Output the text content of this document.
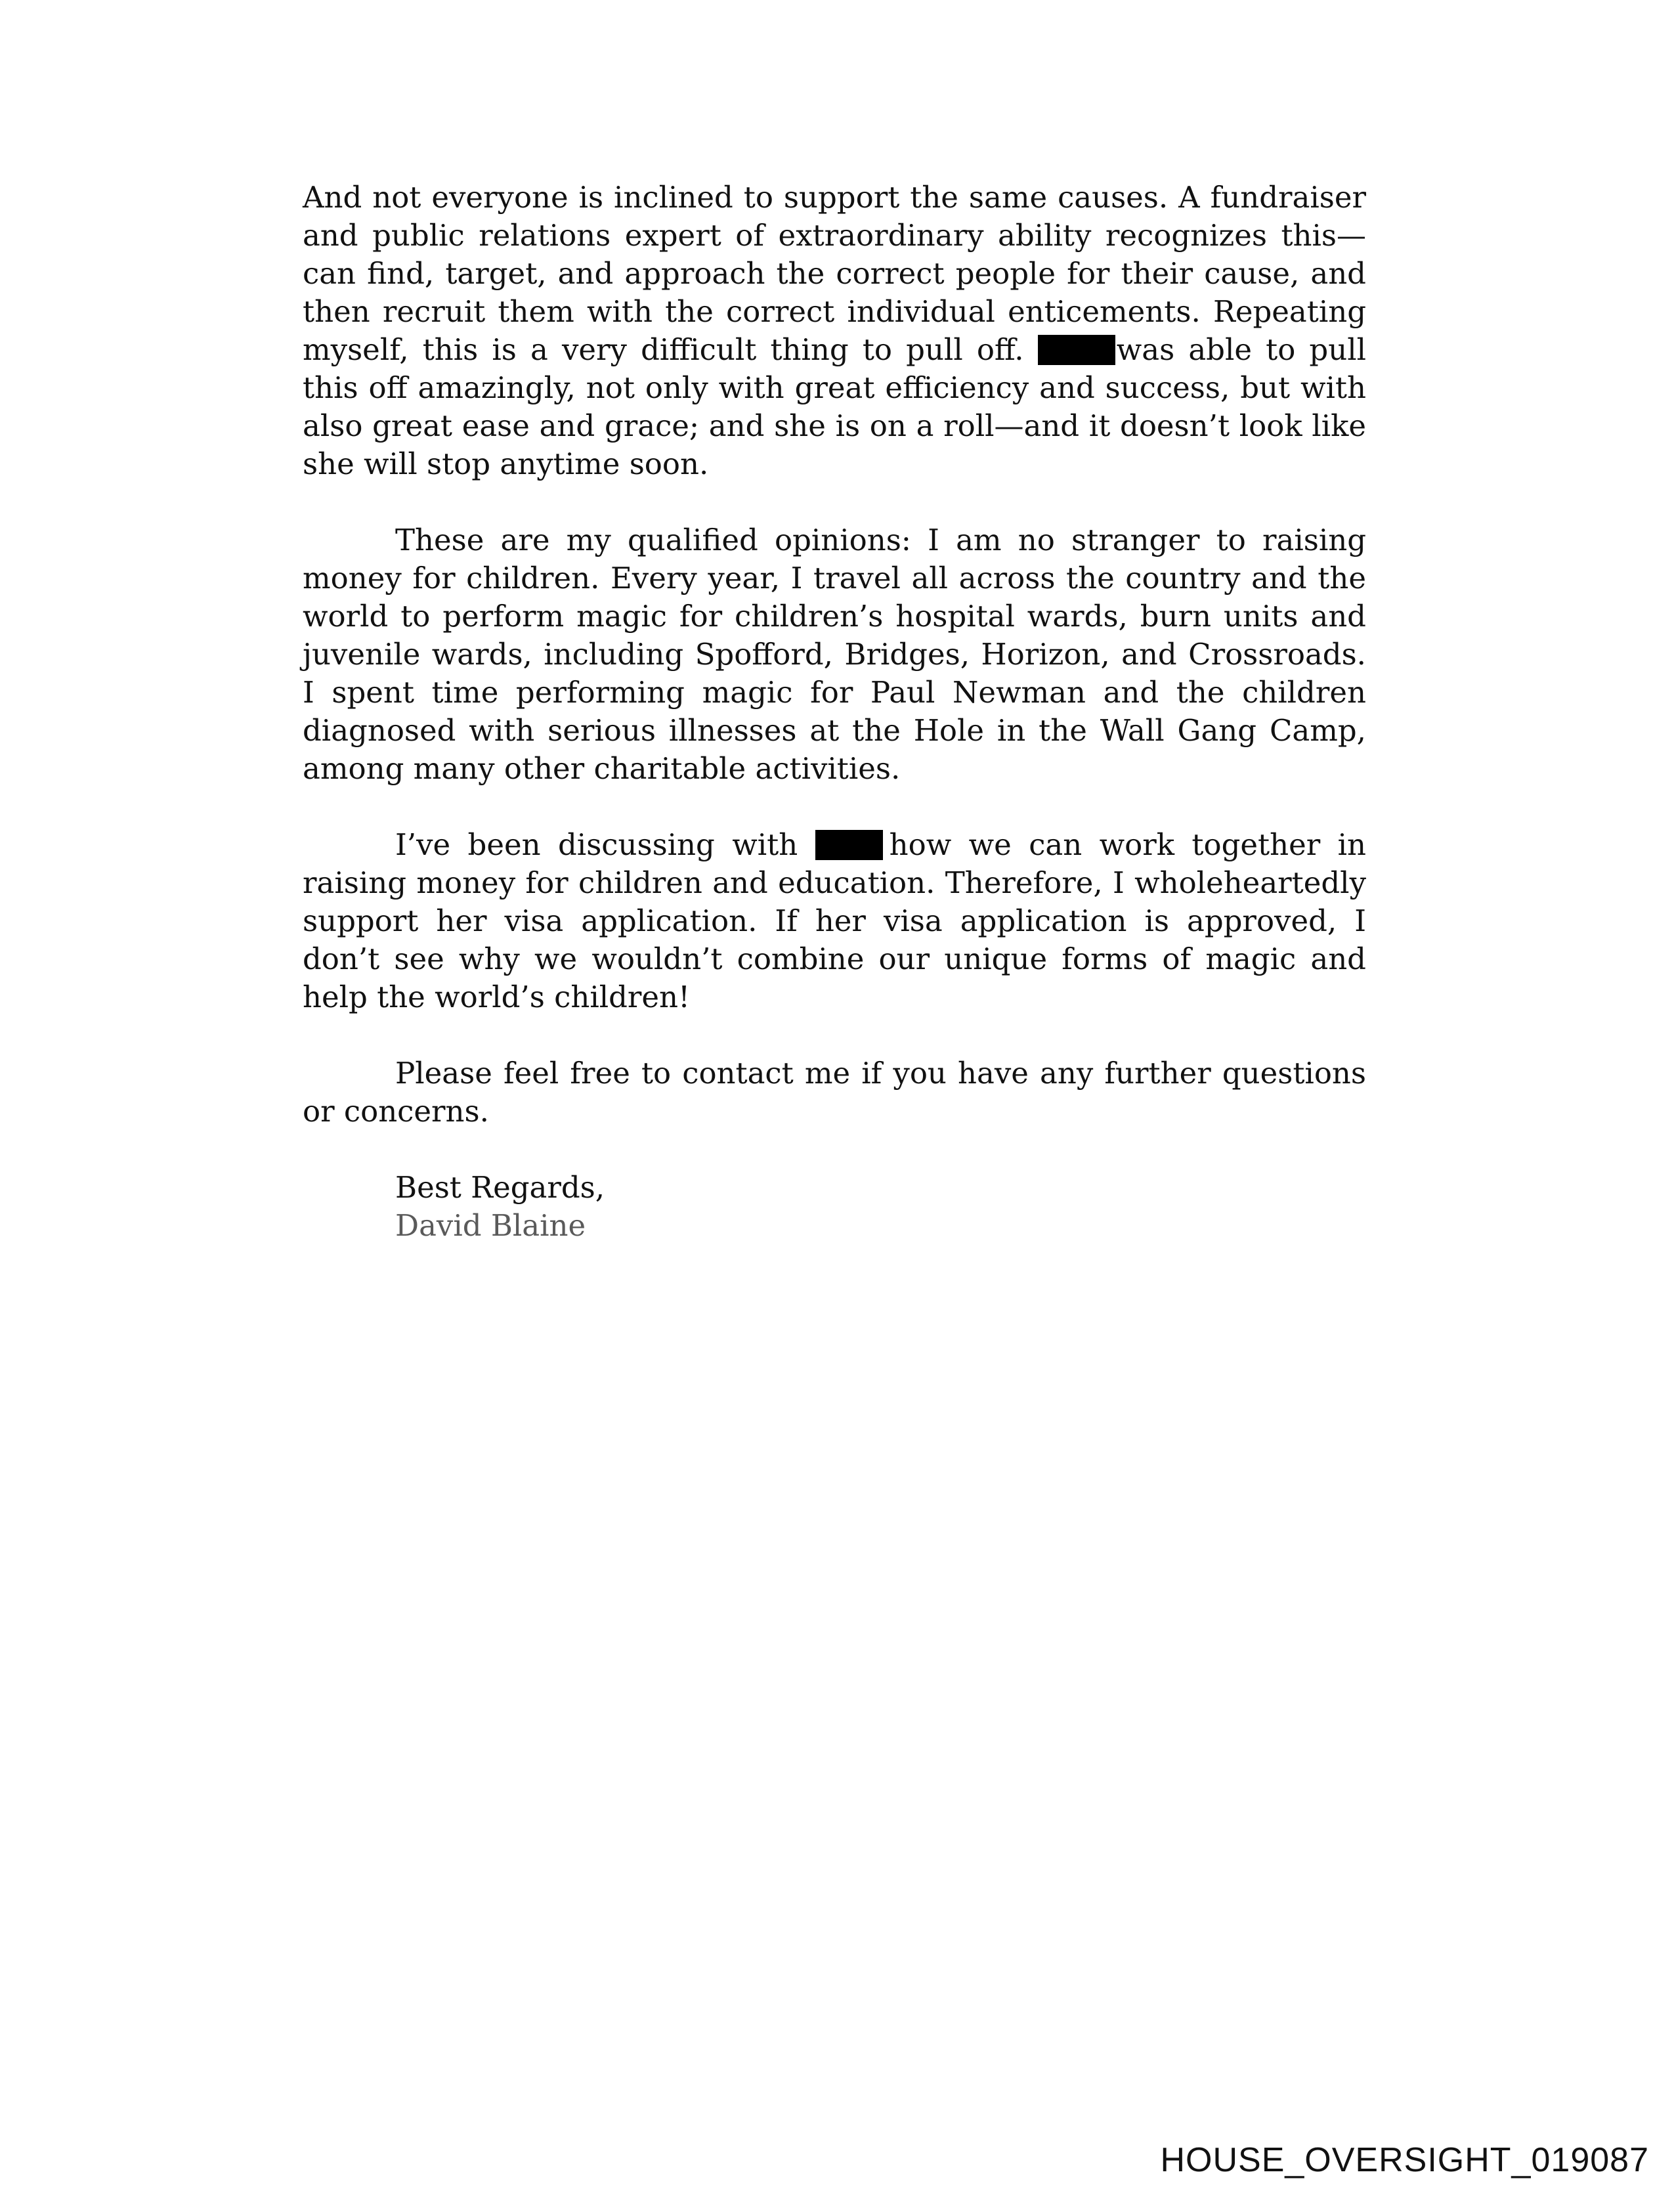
And not everyone is inclined to support the same causes. A fundraiser and public relations expert of extraordinary ability recognizes this—can find, target, and approach the correct people for their cause, and then recruit them with the correct individual enticements. Repeating myself, this is a very difficult thing to pull off.	was able to pull this off amazingly, not only with great efficiency and success, but with also great ease and grace; and she is on a roll—and it doesn’t look like she will stop anytime soon.

These are my qualified opinions: I am no stranger to raising money for children. Every year, I travel all across the country and the world to perform magic for children’s hospital wards, burn units and juvenile wards, including Spofford, Bridges, Horizon, and Crossroads. I spent time performing magic for Paul Newman and the children diagnosed with serious illnesses at the Hole in the Wall Gang Camp, among many other charitable activities.

I’ve been discussing with	how we can work together in raising money for children and education. Therefore, I wholeheartedly support her visa application. If her visa application is approved, I don’t see why we wouldn’t combine our unique forms of magic and help the world’s children!

Please feel free to contact me if you have any further questions or concerns.

Best Regards,

David Blaine

HOUSE_OVERSIGHT_019087
